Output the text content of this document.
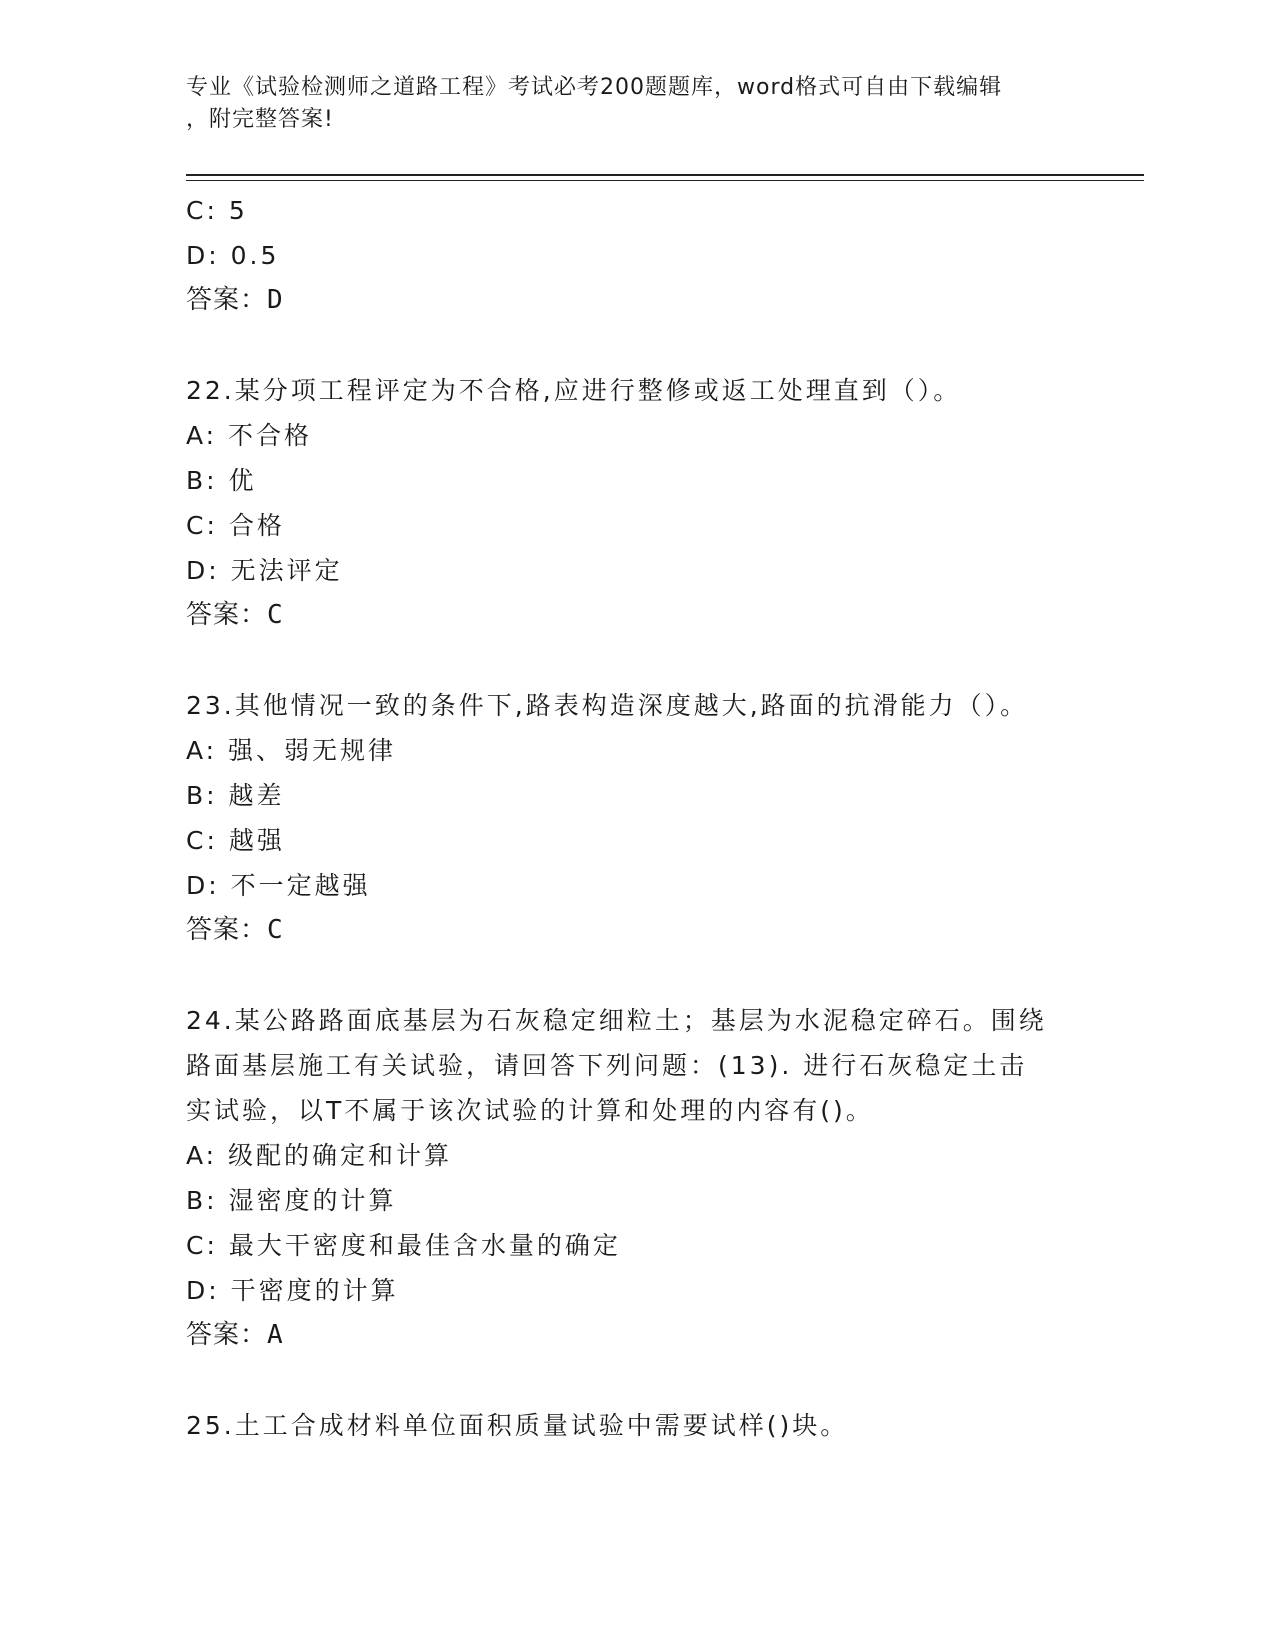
专业《试验检测师之道路工程》考试必考200题题库，word格式可自由下载编辑
，附完整答案!
C: 5
D: 0.5
答案：D
22.某分项工程评定为不合格,应进行整修或返工处理直到（）。
A: 不合格
B: 优
C: 合格
D: 无法评定
答案：C
23.其他情况一致的条件下,路表构造深度越大,路面的抗滑能力（）。
A: 强、弱无规律
B: 越差
C: 越强
D: 不一定越强
答案：C
24.某公路路面底基层为石灰稳定细粒土；基层为水泥稳定碎石。围绕
路面基层施工有关试验，请回答下列问题：(13). 进行石灰稳定土击
实试验，以T不属于该次试验的计算和处理的内容有()。
A: 级配的确定和计算
B: 湿密度的计算
C: 最大干密度和最佳含水量的确定
D: 干密度的计算
答案：A
25.土工合成材料单位面积质量试验中需要试样()块。
